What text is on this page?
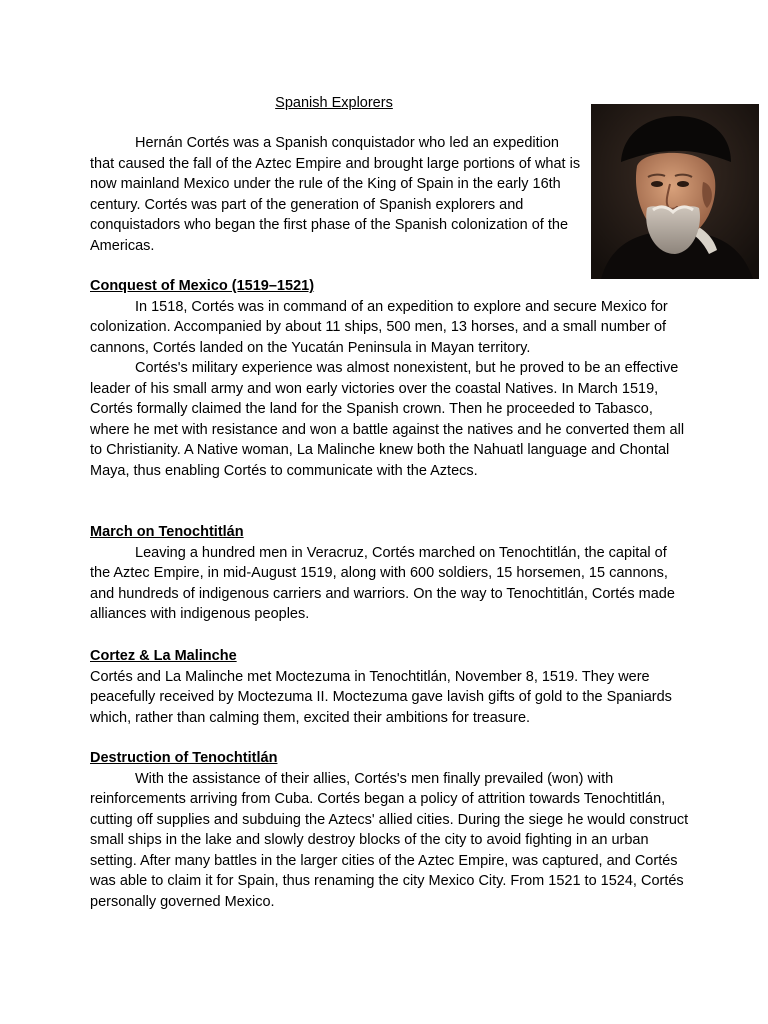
Spanish Explorers

Hernán Cortés was a Spanish conquistador who led an expedition that caused the fall of the Aztec Empire and brought large portions of what is now mainland Mexico under the rule of the King of Spain in the early 16th century. Cortés was part of the generation of Spanish explorers and conquistadors who began the first phase of the Spanish colonization of the Americas.

Conquest of Mexico (1519–1521)

In 1518, Cortés was in command of an expedition to explore and secure Mexico for colonization. Accompanied by about 11 ships, 500 men, 13 horses, and a small number of cannons, Cortés landed on the Yucatán Peninsula in Mayan territory.

Cortés's military experience was almost nonexistent, but he proved to be an effective leader of his small army and won early victories over the coastal Natives. In March 1519, Cortés formally claimed the land for the Spanish crown. Then he proceeded to Tabasco, where he met with resistance and won a battle against the natives and he converted them all to Christianity. A Native woman, La Malinche knew both the Nahuatl language and Chontal Maya, thus enabling Cortés to communicate with the Aztecs.

March on Tenochtitlán

Leaving a hundred men in Veracruz, Cortés marched on Tenochtitlán, the capital of the Aztec Empire, in mid-August 1519, along with 600 soldiers, 15 horsemen, 15 cannons, and hundreds of indigenous carriers and warriors. On the way to Tenochtitlán, Cortés made alliances with indigenous peoples.

Cortez & La Malinche

Cortés and La Malinche met Moctezuma in Tenochtitlán, November 8, 1519. They were peacefully received by Moctezuma II. Moctezuma gave lavish gifts of gold to the Spaniards which, rather than calming them, excited their ambitions for treasure.

Destruction of Tenochtitlán

With the assistance of their allies, Cortés's men finally prevailed (won) with reinforcements arriving from Cuba. Cortés began a policy of attrition towards Tenochtitlán, cutting off supplies and subduing the Aztecs' allied cities. During the siege he would construct small ships in the lake and slowly destroy blocks of the city to avoid fighting in an urban setting. After many battles in the larger cities of the Aztec Empire, was captured, and Cortés was able to claim it for Spain, thus renaming the city Mexico City. From 1521 to 1524, Cortés personally governed Mexico.
